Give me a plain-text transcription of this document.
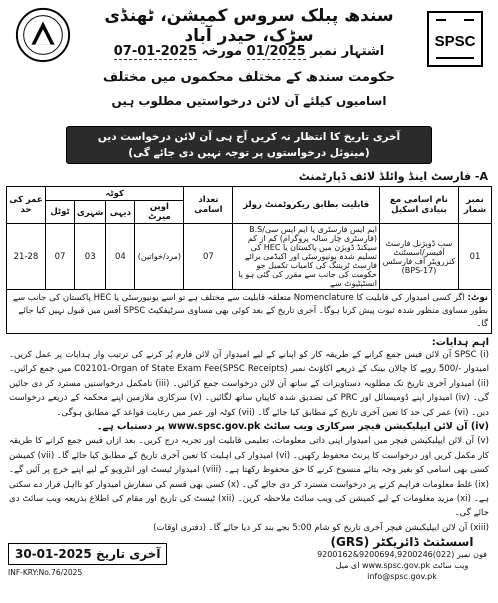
سندھ پبلک سروس کمیشن، ٹھنڈی سڑک، حیدر آباد
اشتہار نمبر 01/2025 مورخہ 07-01-2025
حکومت سندھ کے مختلف محکموں میں مختلف
اسامیوں کیلئے آن لائن درخواستیں مطلوب ہیں
SPSC
آخری تاریخ کا انتظار نہ کریں آج ہی آن لائن درخواست دیں
(مینوئل درخواستوں پر توجہ نہیں دی جائے گی)
A- فارسٹ اینڈ وائلڈ لائف ڈپارٹمنٹ
نمبر شمار	نام اسامی مع بنیادی اسکیل	قابلیت بطابق ریکروٹمنٹ رولز	تعداد اسامی	کوٹہ				عمر کی حد
				اوپن میرٹ	دیہی	شہری	ٹوٹل	
01	سب ڈویژنل فارسٹ آفیسر/اسسٹنٹ کنزرویٹر آف فارسٹس (BPS-17)	ایم ایس فارسٹری یا ایم ایس سی/B.S (فارسٹری چار سالہ پروگرام) کم از کم سیکنڈ ڈویژن میں پاکستان یا HEC کی تسلیم شدہ یونیورسٹی اور اکیڈمی برائے فارسٹ ٹریننگ کی کامیاب تکمیل جو حکومت کی جانب سے مقرر کی گئی ہو یا انسٹیٹیوٹ سے	07	(مرد/خواتین)	04	03	07	21-28
نوٹ: اگر کسی امیدوار کی قابلیت کا Nomenclature متعلقہ قابلیت سے مختلف ہے تو اسے یونیورسٹی یا HEC پاکستان کی جانب سے بطور مساوی منظور شدہ ثبوت پیش کرنا ہوگا۔ آخری تاریخ کے بعد کوئی بھی مساوی سرٹیفکیٹ SPSC آفس میں قبول نہیں کیا جائے گا۔
اہم ہدایات:
(i) SPSC آن لائن فیس جمع کرانے کے طریقہ کار کو اپنانے کے لیے امیدوار آن لائن فارم پُر کرنے کی ترتیب وار ہدایات پر عمل کریں۔ امیدوار -/500 روپے کا چالان بینک کے ذریعے اکاؤنٹ نمبر C02101-Organ of State Exam Fee(SPSC Receipts) میں جمع کرائیں۔ (ii) امیدوار آخری تاریخ تک مطلوبہ دستاویزات کے ساتھ آن لائن درخواست جمع کرائیں۔ (iii) نامکمل درخواستیں مسترد کر دی جائیں گی۔ (iv) امیدوار اپنے ڈومیسائل اور PRC کی تصدیق شدہ کاپیاں ساتھ لگائیں۔ (v) سرکاری ملازمین اپنے محکمہ کے ذریعے درخواست دیں۔ (vi) عمر کی حد کا تعین آخری تاریخ کے مطابق کیا جائے گا۔ (vii) کوٹہ اور عمر میں رعایت قواعد کے مطابق ہوگی۔
(iv) آن لائن ایپلیکیشن فیچر سرکاری ویب سائٹ www.spsc.gov.pk پر دستیاب ہے۔
(v) آن لائن ایپلیکیشن فیچر میں امیدوار اپنی ذاتی معلومات، تعلیمی قابلیت اور تجربہ درج کریں۔ بعد ازاں فیس جمع کرانے کا طریقہ کار مکمل کریں اور درخواست کا پرنٹ محفوظ رکھیں۔ (vi) امیدوار کی اہلیت کا تعین آخری تاریخ کے مطابق کیا جائے گا۔ (vii) کمیشن کسی بھی اسامی کو بغیر وجہ بتائے منسوخ کرنے کا حق محفوظ رکھتا ہے۔ (viii) امیدوار ٹیسٹ اور انٹرویو کے لیے اپنے خرچ پر آئیں گے۔ (ix) غلط معلومات فراہم کرنے پر درخواست مسترد کر دی جائے گی۔ (x) کسی بھی قسم کی سفارش امیدوار کو نااہل قرار دے سکتی ہے۔ (xi) مزید معلومات کے لیے کمیشن کی ویب سائٹ ملاحظہ کریں۔ (xii) ٹیسٹ کی تاریخ اور مقام کی اطلاع بذریعہ ویب سائٹ دی جائے گی۔
(xiii) آن لائن ایپلیکیشن فیچر آخری تاریخ کو شام 5:00 بجے بند کر دیا جائے گا۔ (دفتری اوقات)
30-01-2025 آخری تاریخ
INF-KRY:No.76/2025
اسسٹنٹ ڈائریکٹر (GRS)
فون نمبر (022)9200694,9200246&9200162
ویب سائٹ www.spsc.gov.pk ای میل info@spsc.gov.pk
